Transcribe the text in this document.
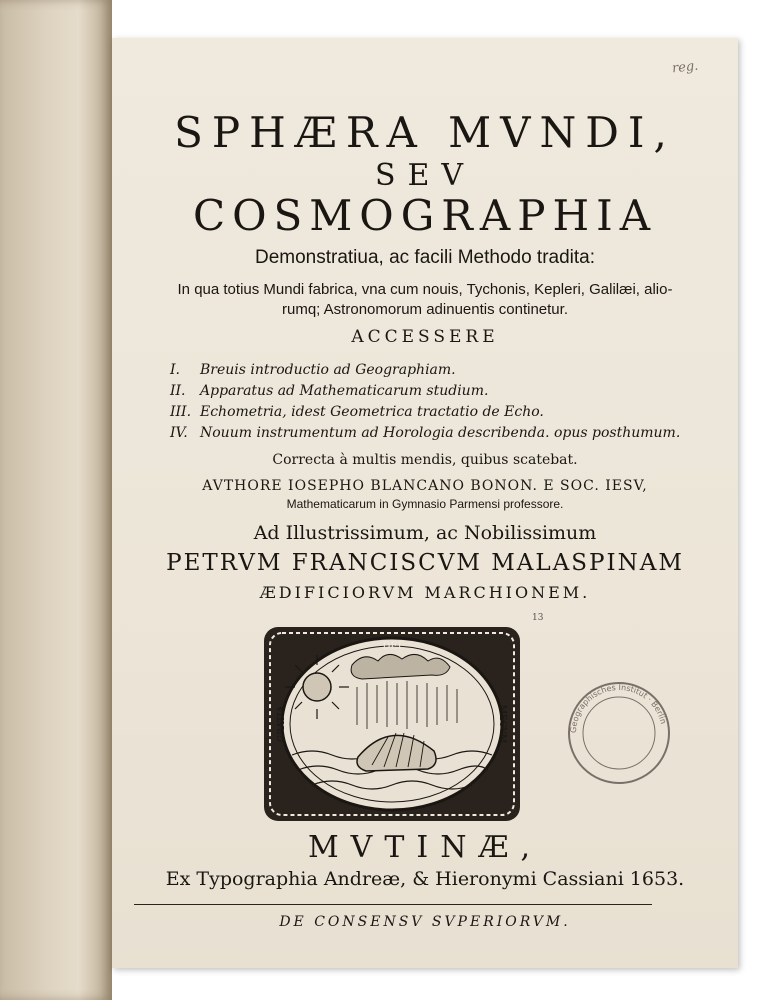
reg.

SPHÆRA MVNDI,

SEV

COSMOGRAPHIA

Demonstratiua, ac facili Methodo tradita:

In qua totius Mundi fabrica, vna cum nouis, Tychonis, Kepleri, Galilæi, alio-

rumq; Astronomorum adinuentis continetur.

ACCESSERE

I. Breuis introductio ad Geographiam.
II. Apparatus ad Mathematicarum studium.
III. Echometria, idest Geometrica tractatio de Echo.
IV. Nouum instrumentum ad Horologia describenda. opus posthumum.

Correcta à multis mendis, quibus scatebat.

AVTHORE IOSEPHO BLANCANO BONON. E SOC. IESV,

Mathematicarum in Gymnasio Parmensi professore.

Ad Illustrissimum, ac Nobilissimum

PETRVM FRANCISCVM MALASPINAM

ÆDIFICIORVM MARCHIONEM.

13
DEI
GRATIA	MECVM	Geographisches Institut · Berlin

MVTINÆ,

Ex Typographia Andreæ, & Hieronymi Cassiani 1653.

DE CONSENSV SVPERIORVM.
